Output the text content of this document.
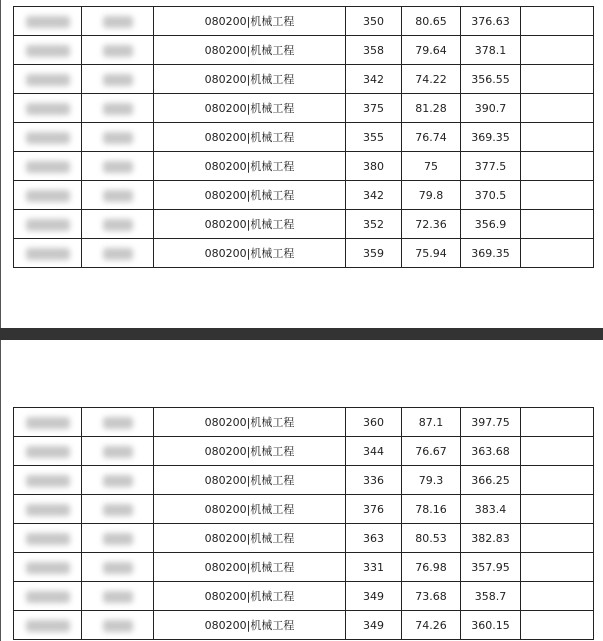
		080200|机械工程	350	80.65	376.63	
		080200|机械工程	358	79.64	378.1	
		080200|机械工程	342	74.22	356.55	
		080200|机械工程	375	81.28	390.7	
		080200|机械工程	355	76.74	369.35	
		080200|机械工程	380	75	377.5	
		080200|机械工程	342	79.8	370.5	
		080200|机械工程	352	72.36	356.9	
		080200|机械工程	359	75.94	369.35	
		080200|机械工程	360	87.1	397.75	
		080200|机械工程	344	76.67	363.68	
		080200|机械工程	336	79.3	366.25	
		080200|机械工程	376	78.16	383.4	
		080200|机械工程	363	80.53	382.83	
		080200|机械工程	331	76.98	357.95	
		080200|机械工程	349	73.68	358.7	
		080200|机械工程	349	74.26	360.15	
